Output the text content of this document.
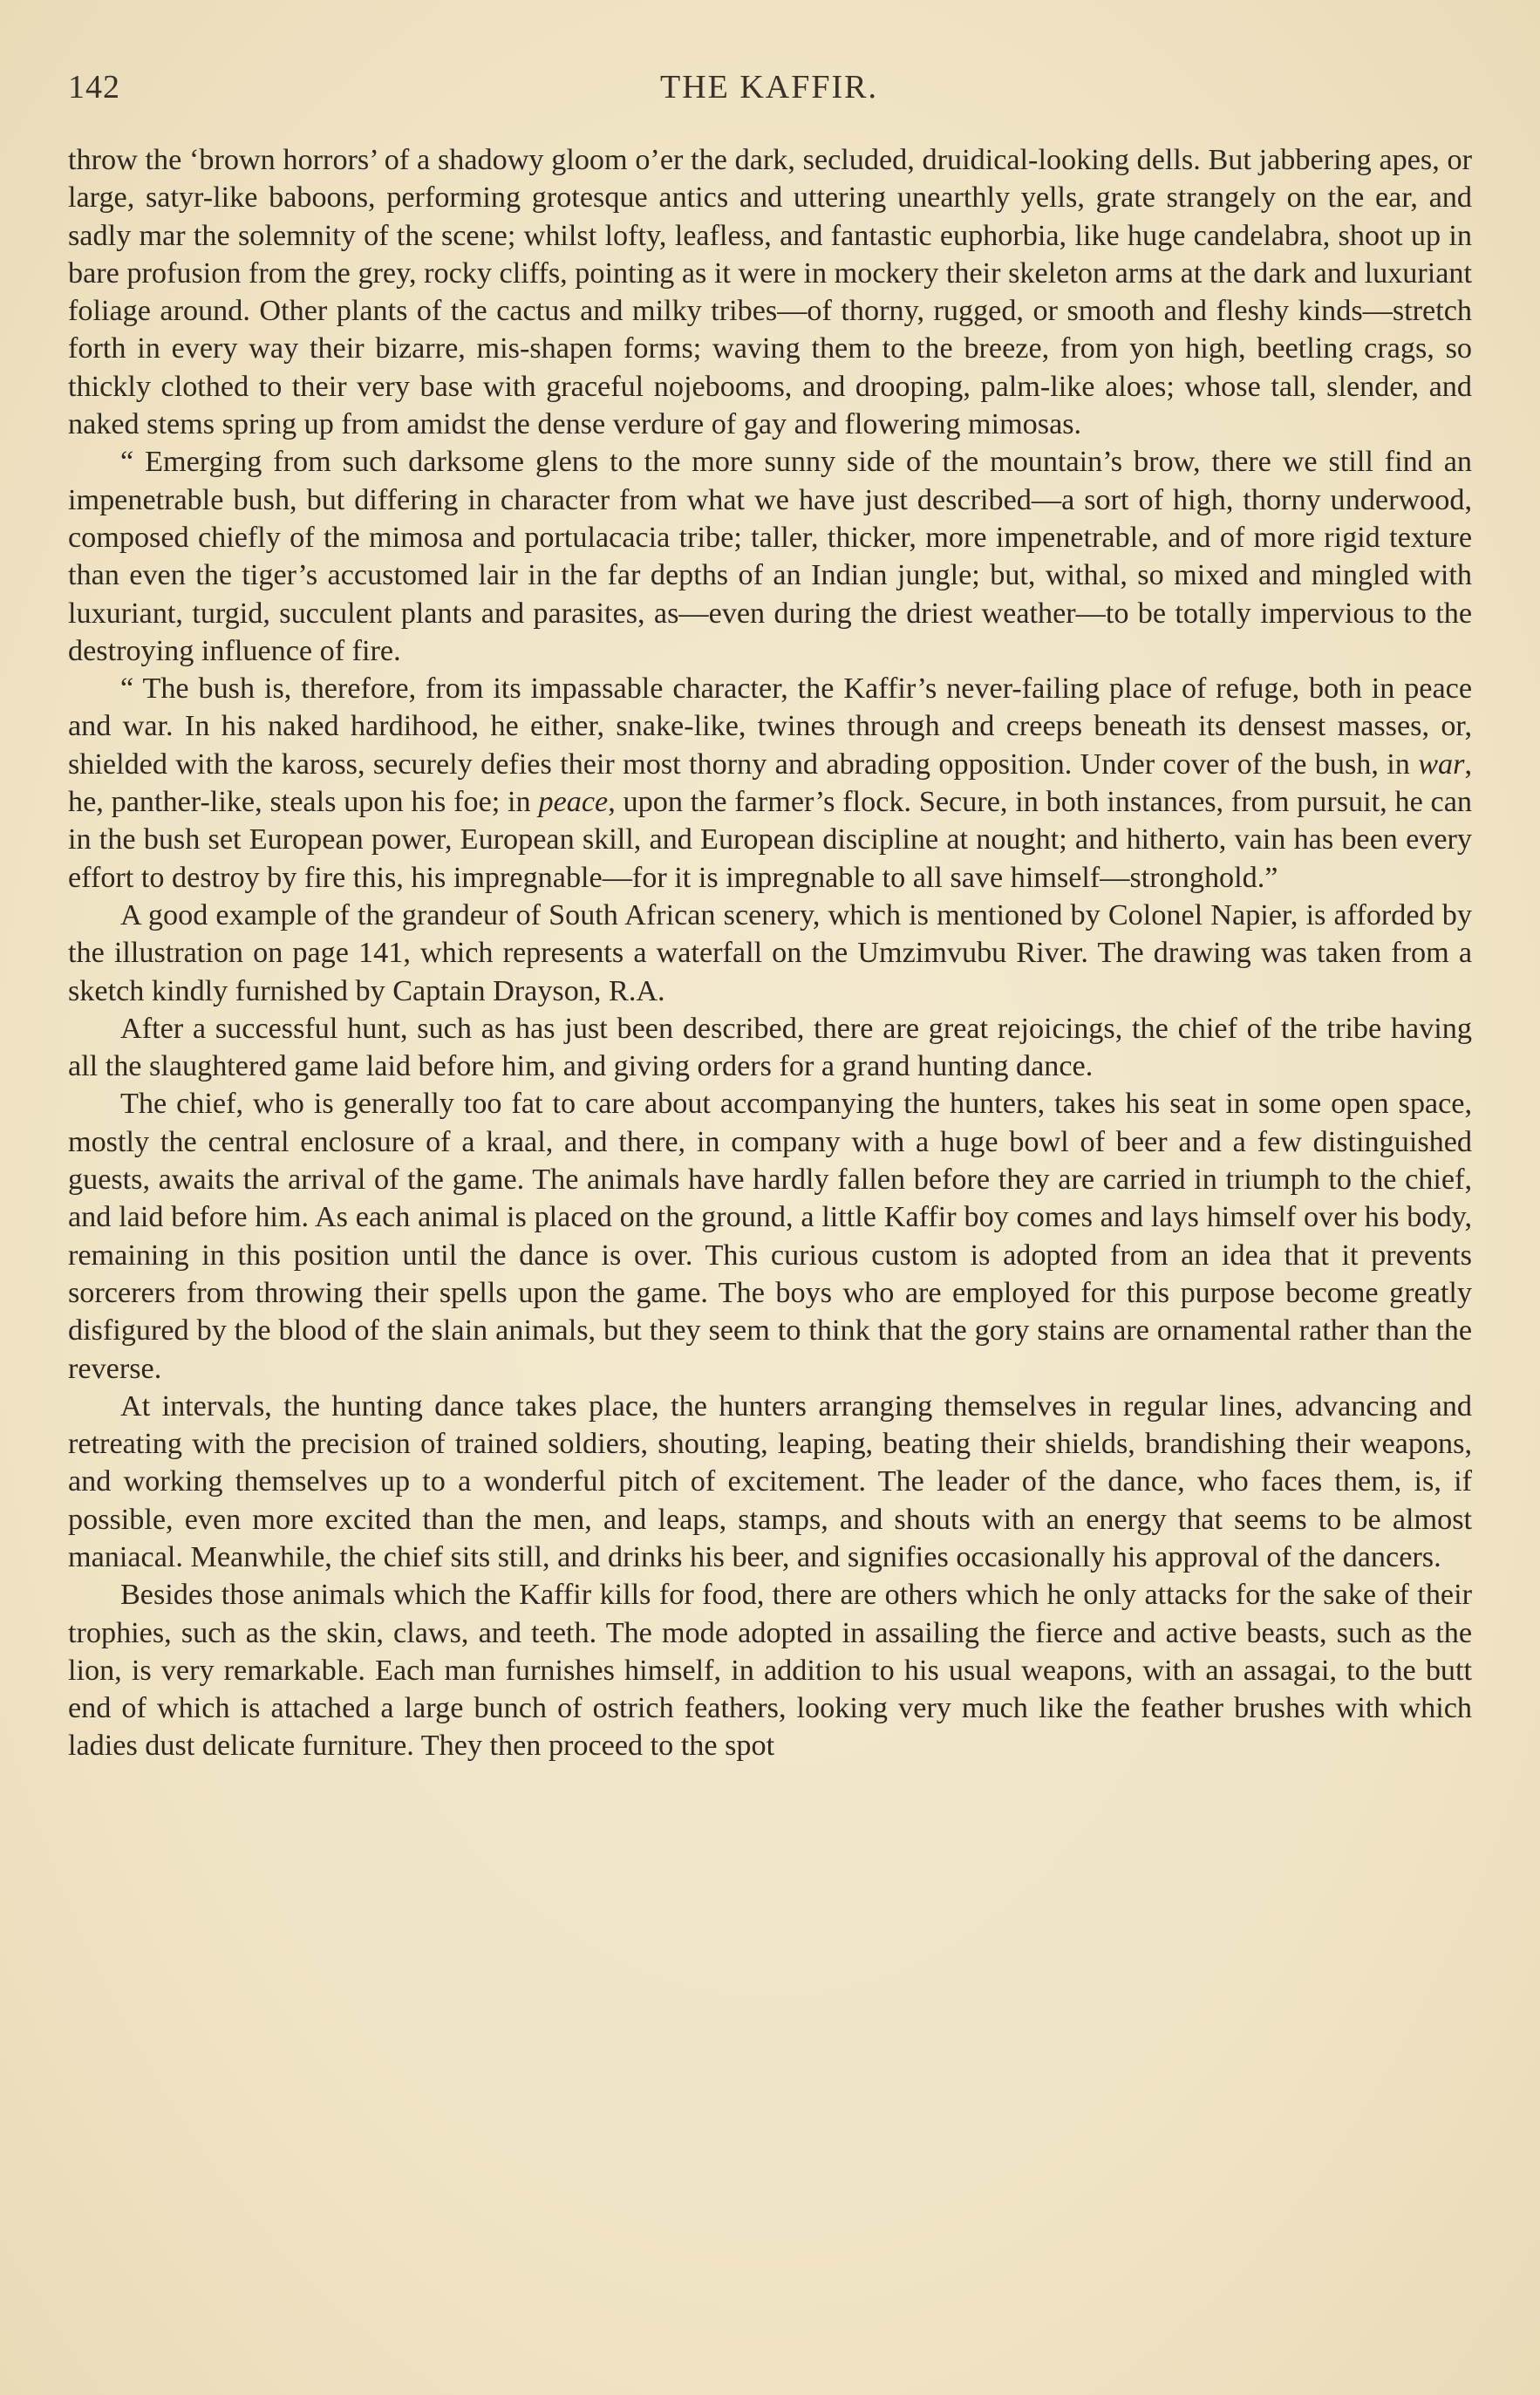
142	THE KAFFIR.

throw the ‘brown horrors’ of a shadowy gloom o’er the dark, secluded, druidical-looking dells. But jabbering apes, or large, satyr-like baboons, performing grotesque antics and uttering unearthly yells, grate strangely on the ear, and sadly mar the solemnity of the scene; whilst lofty, leafless, and fantastic euphorbia, like huge candelabra, shoot up in bare profusion from the grey, rocky cliffs, pointing as it were in mockery their skeleton arms at the dark and luxuriant foliage around. Other plants of the cactus and milky tribes—of thorny, rugged, or smooth and fleshy kinds—stretch forth in every way their bizarre, mis-shapen forms; waving them to the breeze, from yon high, beetling crags, so thickly clothed to their very base with graceful nojebooms, and drooping, palm-like aloes; whose tall, slender, and naked stems spring up from amidst the dense verdure of gay and flowering mimosas.

“ Emerging from such darksome glens to the more sunny side of the mountain’s brow, there we still find an impenetrable bush, but differing in character from what we have just described—a sort of high, thorny underwood, composed chiefly of the mimosa and portulacacia tribe; taller, thicker, more impenetrable, and of more rigid texture than even the tiger’s accustomed lair in the far depths of an Indian jungle; but, withal, so mixed and mingled with luxuriant, turgid, succulent plants and parasites, as—even during the driest weather—to be totally impervious to the destroying influence of fire.

“ The bush is, therefore, from its impassable character, the Kaffir’s never-failing place of refuge, both in peace and war. In his naked hardihood, he either, snake-like, twines through and creeps beneath its densest masses, or, shielded with the kaross, securely defies their most thorny and abrading opposition. Under cover of the bush, in war, he, panther-like, steals upon his foe; in peace, upon the farmer’s flock. Secure, in both instances, from pursuit, he can in the bush set European power, European skill, and European discipline at nought; and hitherto, vain has been every effort to destroy by fire this, his impregnable—for it is impregnable to all save himself—stronghold.”

A good example of the grandeur of South African scenery, which is mentioned by Colonel Napier, is afforded by the illustration on page 141, which represents a waterfall on the Umzimvubu River. The drawing was taken from a sketch kindly furnished by Captain Drayson, R.A.

After a successful hunt, such as has just been described, there are great rejoicings, the chief of the tribe having all the slaughtered game laid before him, and giving orders for a grand hunting dance.

The chief, who is generally too fat to care about accompanying the hunters, takes his seat in some open space, mostly the central enclosure of a kraal, and there, in company with a huge bowl of beer and a few distinguished guests, awaits the arrival of the game. The animals have hardly fallen before they are carried in triumph to the chief, and laid before him. As each animal is placed on the ground, a little Kaffir boy comes and lays himself over his body, remaining in this position until the dance is over. This curious custom is adopted from an idea that it prevents sorcerers from throwing their spells upon the game. The boys who are employed for this purpose become greatly disfigured by the blood of the slain animals, but they seem to think that the gory stains are ornamental rather than the reverse.

At intervals, the hunting dance takes place, the hunters arranging themselves in regular lines, advancing and retreating with the precision of trained soldiers, shouting, leaping, beating their shields, brandishing their weapons, and working themselves up to a wonderful pitch of excitement. The leader of the dance, who faces them, is, if possible, even more excited than the men, and leaps, stamps, and shouts with an energy that seems to be almost maniacal. Meanwhile, the chief sits still, and drinks his beer, and signifies occasionally his approval of the dancers.

Besides those animals which the Kaffir kills for food, there are others which he only attacks for the sake of their trophies, such as the skin, claws, and teeth. The mode adopted in assailing the fierce and active beasts, such as the lion, is very remarkable. Each man furnishes himself, in addition to his usual weapons, with an assagai, to the butt end of which is attached a large bunch of ostrich feathers, looking very much like the feather brushes with which ladies dust delicate furniture. They then proceed to the spot
